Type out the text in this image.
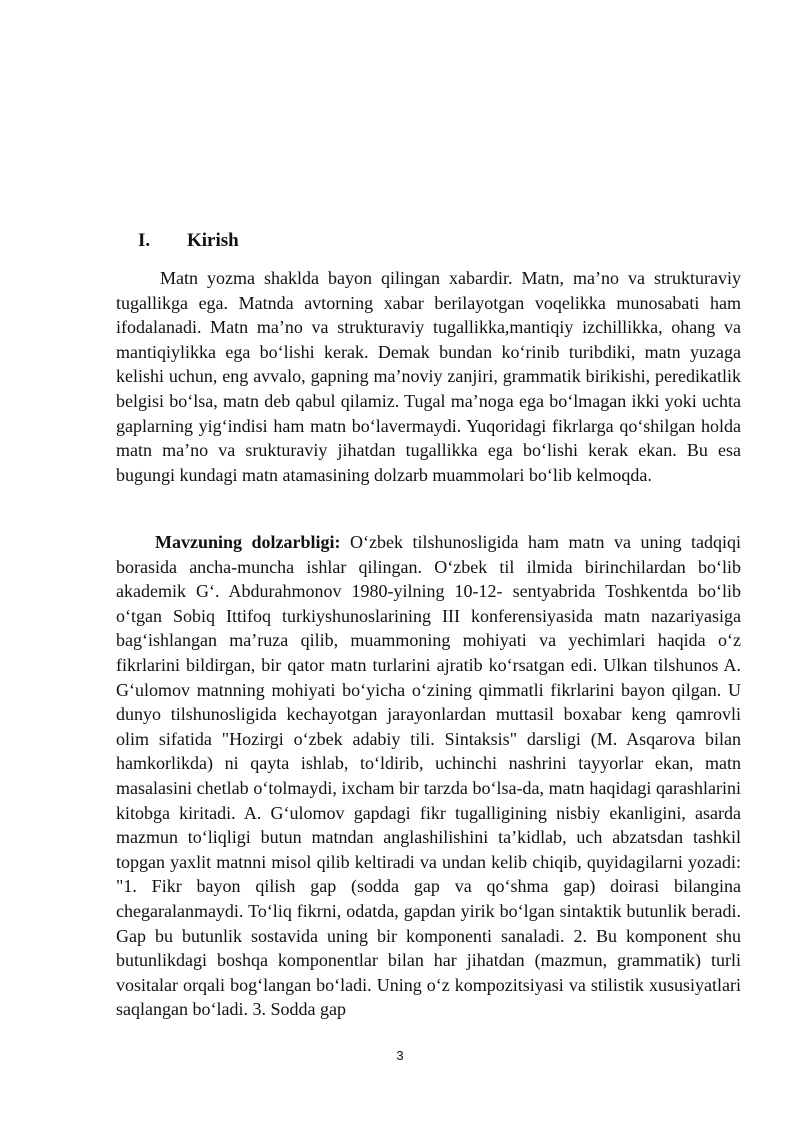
I. Kirish

Matn yozma shaklda bayon qilingan xabardir. Matn, ma’no va strukturaviy tugallikga ega. Matnda avtorning xabar berilayotgan voqelikka munosabati ham ifodalanadi. Matn ma’no va strukturaviy tugallikka,mantiqiy izchillikka, ohang va mantiqiylikka ega bo‘lishi kerak. Demak bundan ko‘rinib turibdiki, matn yuzaga kelishi uchun, eng avvalo, gapning ma’noviy zanjiri, grammatik birikishi, peredikatlik belgisi bo‘lsa, matn deb qabul qilamiz. Tugal ma’noga ega bo‘lmagan ikki yoki uchta gaplarning yig‘indisi ham matn bo‘lavermaydi. Yuqoridagi fikrlarga qo‘shilgan holda matn ma’no va srukturaviy jihatdan tugallikka ega bo‘lishi kerak ekan. Bu esa bugungi kundagi matn atamasining dolzarb muammolari bo‘lib kelmoqda.

Mavzuning dolzarbligi: O‘zbek tilshunosligida ham matn va uning tadqiqi borasida ancha-muncha ishlar qilingan. O‘zbek til ilmida birinchilardan bo‘lib akademik G‘. Abdurahmonov 1980-yilning 10-12- sentyabrida Toshkentda bo‘lib o‘tgan Sobiq Ittifoq turkiyshunoslarining III konferensiyasida matn nazariyasiga bag‘ishlangan ma’ruza qilib, muammoning mohiyati va yechimlari haqida o‘z fikrlarini bildirgan, bir qator matn turlarini ajratib ko‘rsatgan edi. Ulkan tilshunos A. G‘ulomov matnning mohiyati bo‘yicha o‘zining qimmatli fikrlarini bayon qilgan. U dunyo tilshunosligida kechayotgan jarayonlardan muttasil boxabar keng qamrovli olim sifatida "Hozirgi o‘zbek adabiy tili. Sintaksis" darsligi (M. Asqarova bilan hamkorlikda) ni qayta ishlab, to‘ldirib, uchinchi nashrini tayyorlar ekan, matn masalasini chetlab o‘tolmaydi, ixcham bir tarzda bo‘lsa-da, matn haqidagi qarashlarini kitobga kiritadi. A. G‘ulomov gapdagi fikr tugalligining nisbiy ekanligini, asarda mazmun to‘liqligi butun matndan anglashilishini ta’kidlab, uch abzatsdan tashkil topgan yaxlit matnni misol qilib keltiradi va undan kelib chiqib, quyidagilarni yozadi: "1. Fikr bayon qilish gap (sodda gap va qo‘shma gap) doirasi bilangina chegaralanmaydi. To‘liq fikrni, odatda, gapdan yirik bo‘lgan sintaktik butunlik beradi. Gap bu butunlik sostavida uning bir komponenti sanaladi. 2. Bu komponent shu butunlikdagi boshqa komponentlar bilan har jihatdan (mazmun, grammatik) turli vositalar orqali bog‘langan bo‘ladi. Uning o‘z kompozitsiyasi va stilistik xususiyatlari saqlangan bo‘ladi. 3. Sodda gap

3
